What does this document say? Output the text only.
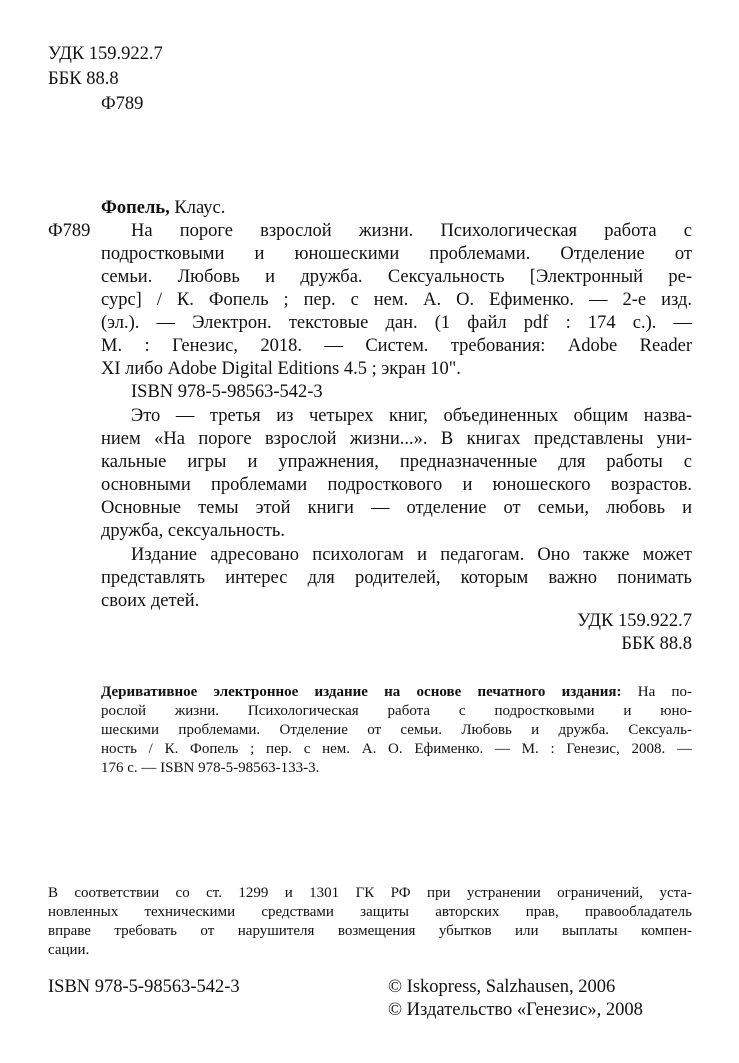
УДК 159.922.7
ББК 88.8
Ф789
Фопель, Клаус.
Ф789 На пороге взрослой жизни. Психологическая работа с
подростковыми и юношескими проблемами. Отделение от
семьи. Любовь и дружба. Сексуальность [Электронный ре-
сурс] / К. Фопель ; пер. с нем. А. О. Ефименко. — 2-е изд.
(эл.). — Электрон. текстовые дан. (1 файл pdf : 174 с.). —
М. : Генезис, 2018. — Систем. требования: Adobe Reader
XI либо Adobe Digital Editions 4.5 ; экран 10".
ISBN 978-5-98563-542-3
Это — третья из четырех книг, объединенных общим назва-
нием «На пороге взрослой жизни...». В книгах представлены уни-
кальные игры и упражнения, предназначенные для работы с
основными проблемами подросткового и юношеского возрастов.
Основные темы этой книги — отделение от семьи, любовь и
дружба, сексуальность.
Издание адресовано психологам и педагогам. Оно также может
представлять интерес для родителей, которым важно понимать
своих детей.
УДК 159.922.7
ББК 88.8
Деривативное электронное издание на основе печатного издания: На по-
рослой жизни. Психологическая работа с подростковыми и юно-
шескими проблемами. Отделение от семьи. Любовь и дружба. Сексуаль-
ность / К. Фопель ; пер. с нем. А. О. Ефименко. — М. : Генезис, 2008. —
176 с. — ISBN 978-5-98563-133-3.
В соответствии со ст. 1299 и 1301 ГК РФ при устранении ограничений, уста-
новленных техническими средствами защиты авторских прав, правообладатель
вправе требовать от нарушителя возмещения убытков или выплаты компен-
сации.
ISBN 978-5-98563-542-3	© Iskopress, Salzhausen, 2006
© Издательство «Генезис», 2008
